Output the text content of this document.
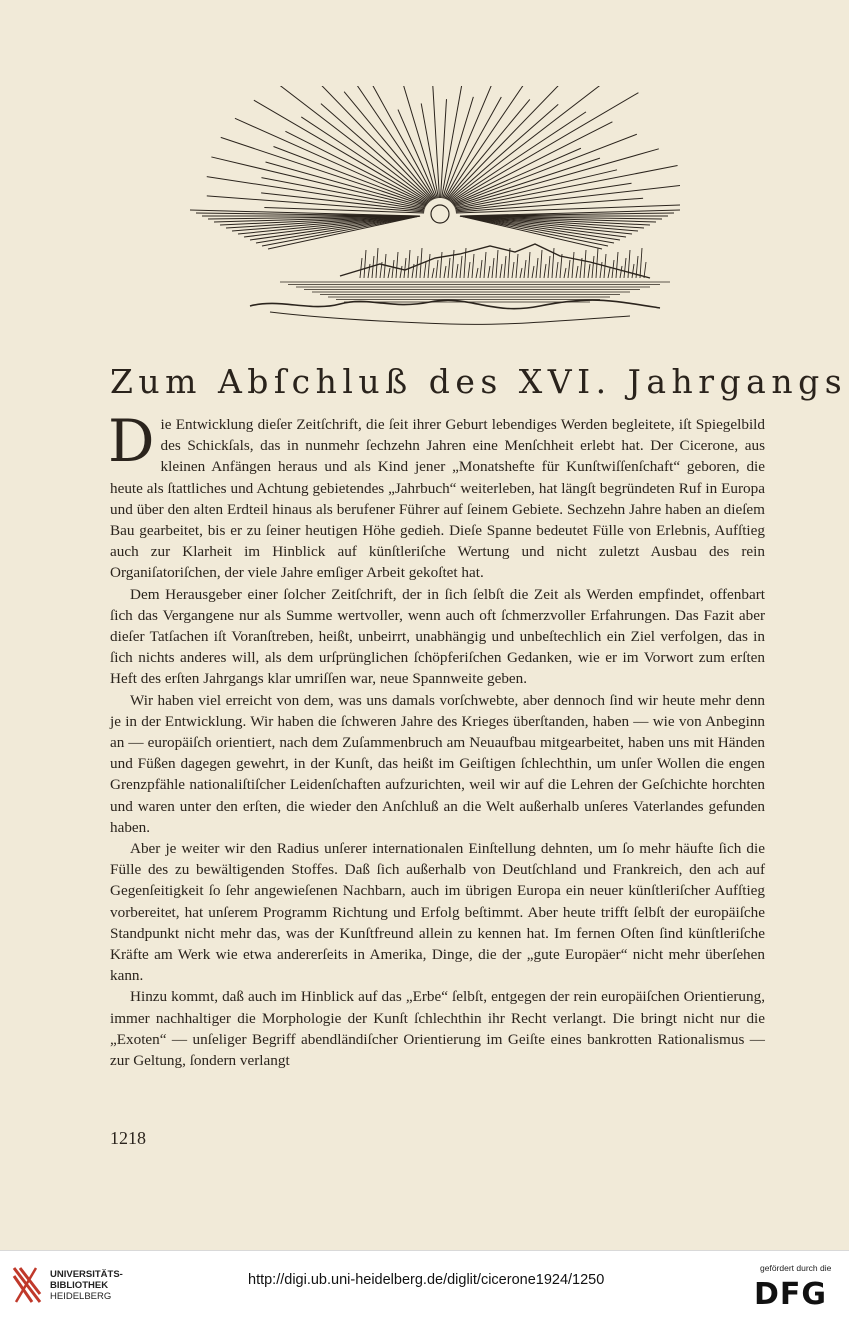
Zum Abſchluß des XVI. Jahrgangs

Die Entwicklung dieſer Zeitſchrift, die ſeit ihrer Geburt lebendiges Werden begleitete, iſt Spiegelbild des Schickſals, das in nunmehr ſechzehn Jahren eine Menſchheit erlebt hat. Der Cicerone, aus kleinen Anfängen heraus und als Kind jener „Monatshefte für Kunſtwiſſenſchaft“ geboren, die heute als ſtattliches und Achtung gebietendes „Jahrbuch“ weiterleben, hat längſt begründeten Ruf in Europa und über den alten Erdteil hinaus als berufener Führer auf ſeinem Gebiete. Sechzehn Jahre haben an dieſem Bau gearbeitet, bis er zu ſeiner heutigen Höhe gedieh. Dieſe Spanne bedeutet Fülle von Erlebnis, Aufſtieg auch zur Klarheit im Hinblick auf künſtleriſche Wertung und nicht zuletzt Ausbau des rein Organiſatoriſchen, der viele Jahre emſiger Arbeit gekoſtet hat.

Dem Herausgeber einer ſolcher Zeitſchrift, der in ſich ſelbſt die Zeit als Werden empfindet, offenbart ſich das Vergangene nur als Summe wertvoller, wenn auch oft ſchmerzvoller Erfahrungen. Das Fazit aber dieſer Tatſachen iſt Voranſtreben, heißt, unbeirrt, unabhängig und unbeſtechlich ein Ziel verfolgen, das in ſich nichts anderes will, als dem urſprünglichen ſchöpferiſchen Gedanken, wie er im Vorwort zum erſten Heft des erſten Jahrgangs klar umriſſen war, neue Spannweite geben.

Wir haben viel erreicht von dem, was uns damals vorſchwebte, aber dennoch ſind wir heute mehr denn je in der Entwicklung. Wir haben die ſchweren Jahre des Krieges überſtanden, haben — wie von Anbeginn an — europäiſch orientiert, nach dem Zuſammenbruch am Neuaufbau mitgearbeitet, haben uns mit Händen und Füßen dagegen gewehrt, in der Kunſt, das heißt im Geiſtigen ſchlechthin, um unſer Wollen die engen Grenzpfähle nationaliſtiſcher Leidenſchaften aufzurichten, weil wir auf die Lehren der Geſchichte horchten und waren unter den erſten, die wieder den Anſchluß an die Welt außerhalb unſeres Vaterlandes gefunden haben.

Aber je weiter wir den Radius unſerer internationalen Einſtellung dehnten, um ſo mehr häufte ſich die Fülle des zu bewältigenden Stoffes. Daß ſich außerhalb von Deutſchland und Frankreich, den ach auf Gegenſeitigkeit ſo ſehr angewieſenen Nachbarn, auch im übrigen Europa ein neuer künſtleriſcher Aufſtieg vorbereitet, hat unſerem Programm Richtung und Erfolg beſtimmt. Aber heute trifft ſelbſt der europäiſche Standpunkt nicht mehr das, was der Kunſtfreund allein zu kennen hat. Im fernen Oſten ſind künſtleriſche Kräfte am Werk wie etwa andererſeits in Amerika, Dinge, die der „gute Europäer“ nicht mehr überſehen kann.

Hinzu kommt, daß auch im Hinblick auf das „Erbe“ ſelbſt, entgegen der rein europäiſchen Orientierung, immer nachhaltiger die Morphologie der Kunſt ſchlechthin ihr Recht verlangt. Die bringt nicht nur die „Exoten“ — unſeliger Begriff abendländiſcher Orientierung im Geiſte eines bankrotten Rationalismus — zur Geltung, ſondern verlangt

1218
UNIVERSITÄTS-
BIBLIOTHEK
HEIDELBERG
http://digi.ub.uni-heidelberg.de/diglit/cicerone1924/1250
gefördert durch die
DFG
